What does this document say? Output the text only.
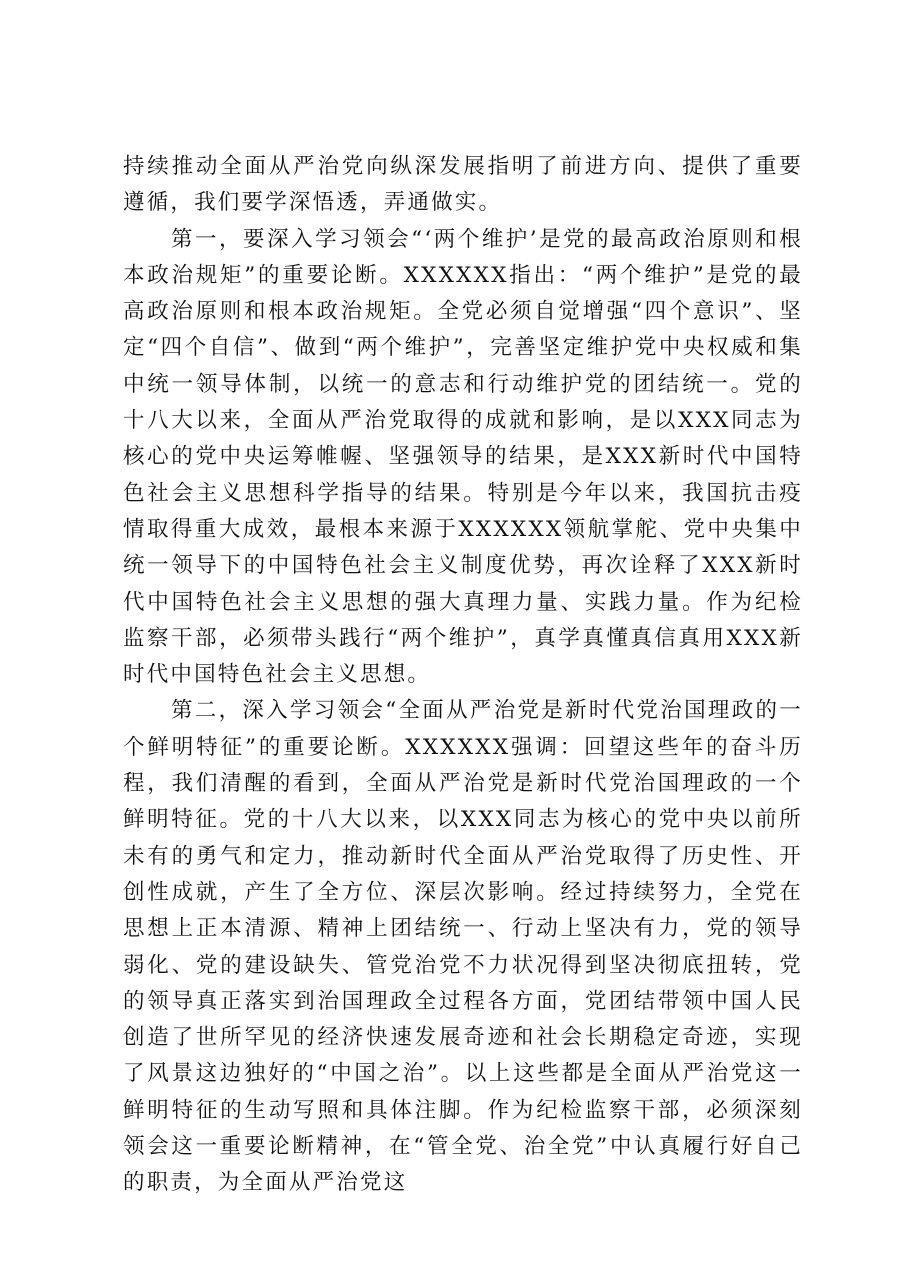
持续推动全面从严治党向纵深发展指明了前进方向、提供了重要遵循，我们要学深悟透，弄通做实。

第一，要深入学习领会“‘两个维护’是党的最高政治原则和根本政治规矩”的重要论断。XXXXXX指出：“两个维护”是党的最高政治原则和根本政治规矩。全党必须自觉增强“四个意识”、坚定“四个自信”、做到“两个维护”，完善坚定维护党中央权威和集中统一领导体制，以统一的意志和行动维护党的团结统一。党的十八大以来，全面从严治党取得的成就和影响，是以XXX同志为核心的党中央运筹帷幄、坚强领导的结果，是XXX新时代中国特色社会主义思想科学指导的结果。特别是今年以来，我国抗击疫情取得重大成效，最根本来源于XXXXXX领航掌舵、党中央集中统一领导下的中国特色社会主义制度优势，再次诠释了XXX新时代中国特色社会主义思想的强大真理力量、实践力量。作为纪检监察干部，必须带头践行“两个维护”，真学真懂真信真用XXX新时代中国特色社会主义思想。

第二，深入学习领会“全面从严治党是新时代党治国理政的一个鲜明特征”的重要论断。XXXXXX强调：回望这些年的奋斗历程，我们清醒的看到，全面从严治党是新时代党治国理政的一个鲜明特征。党的十八大以来，以XXX同志为核心的党中央以前所未有的勇气和定力，推动新时代全面从严治党取得了历史性、开创性成就，产生了全方位、深层次影响。经过持续努力，全党在思想上正本清源、精神上团结统一、行动上坚决有力，党的领导弱化、党的建设缺失、管党治党不力状况得到坚决彻底扭转，党的领导真正落实到治国理政全过程各方面，党团结带领中国人民创造了世所罕见的经济快速发展奇迹和社会长期稳定奇迹，实现了风景这边独好的“中国之治”。以上这些都是全面从严治党这一鲜明特征的生动写照和具体注脚。作为纪检监察干部，必须深刻领会这一重要论断精神，在“管全党、治全党”中认真履行好自己的职责，为全面从严治党这
